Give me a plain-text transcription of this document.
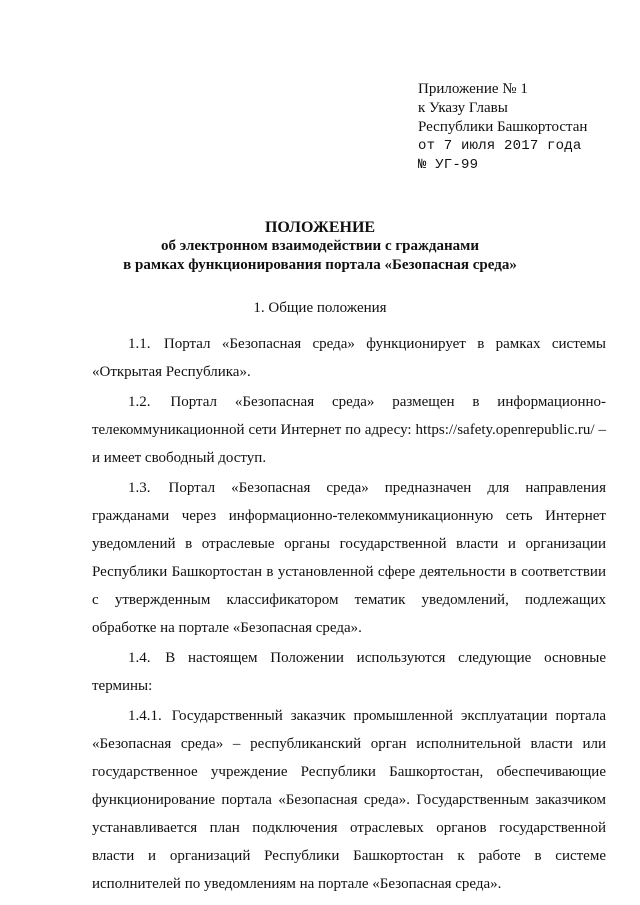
Приложение № 1
к Указу Главы
Республики Башкортостан
от 7 июля 2017 года
№ УГ-99
ПОЛОЖЕНИЕ
об электронном взаимодействии с гражданами
в рамках функционирования портала «Безопасная среда»
1. Общие положения

1.1. Портал «Безопасная среда» функционирует в рамках системы «Открытая Республика».

1.2. Портал «Безопасная среда» размещен в информационно-телекоммуникационной сети Интернет по адресу: https://safety.openrepublic.ru/ – и имеет свободный доступ.

1.3. Портал «Безопасная среда» предназначен для направления гражданами через информационно-телекоммуникационную сеть Интернет уведомлений в отраслевые органы государственной власти и организации Республики Башкортостан в установленной сфере деятельности в соответствии с утвержденным классификатором тематик уведомлений, подлежащих обработке на портале «Безопасная среда».

1.4. В настоящем Положении используются следующие основные термины:

1.4.1. Государственный заказчик промышленной эксплуатации портала «Безопасная среда» – республиканский орган исполнительной власти или государственное учреждение Республики Башкортостан, обеспечивающие функционирование портала «Безопасная среда». Государственным заказчиком устанавливается план подключения отраслевых органов государственной власти и организаций Республики Башкортостан к работе в системе исполнителей по уведомлениям на портале «Безопасная среда».
